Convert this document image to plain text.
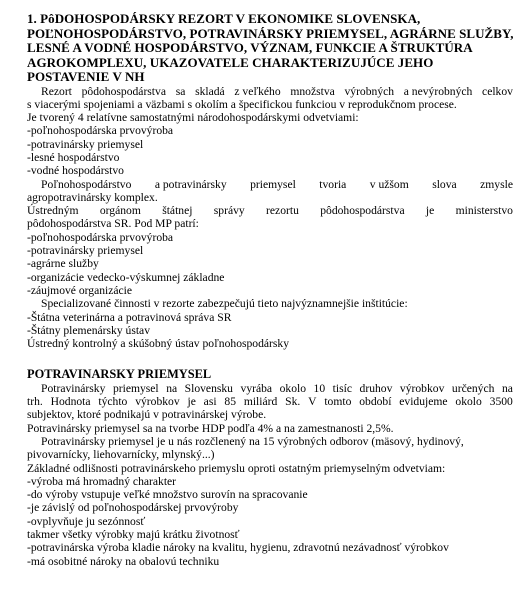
1. PôDOHOSPODÁRSKY REZORT V EKONOMIKE SLOVENSKA,
POĽNOHOSPODÁRSTVO, POTRAVINÁRSKY PRIEMYSEL, AGRÁRNE SLUŽBY,
LESNÉ A VODNÉ HOSPODÁRSTVO, VÝZNAM, FUNKCIE A ŠTRUKTÚRA
AGROKOMPLEXU, UKAZOVATELE CHARAKTERIZUJÚCE JEHO
POSTAVENIE V NH
Rezort pôdohospodárstva sa skladá z veľkého množstva výrobných a nevýrobných celkov
s viacerými spojeniami a väzbami s okolím a špecifickou funkciou v reprodukčnom procese.
Je tvorený 4 relatívne samostatnými národohospodárskymi odvetviami:
-poľnohospodárska prvovýroba
-potravinársky priemysel
-lesné hospodárstvo
-vodné hospodárstvo
Poľnohospodárstvo a potravinársky priemysel tvoria v užšom slova zmysle
agropotravinársky komplex.
Ústredným orgánom štátnej správy rezortu pôdohospodárstva je ministerstvo
pôdohospodárstva SR. Pod MP patrí:
-poľnohospodárska prvovýroba
-potravinársky priemysel
-agrárne služby
-organizácie vedecko-výskumnej základne
-záujmové organizácie
Specializované činnosti v rezorte zabezpečujú tieto najvýznamnejšie inštitúcie:
-Štátna veterinárna a potravinová správa SR
-Štátny plemenársky ústav
Ústredný kontrolný a skúšobný ústav poľnohospodársky
POTRAVINARSKY PRIEMYSEL
Potravinársky priemysel na Slovensku vyrába okolo 10 tisíc druhov výrobkov určených na
trh. Hodnota týchto výrobkov je asi 85 miliárd Sk. V tomto období evidujeme okolo 3500
subjektov, ktoré podnikajú v potravinárskej výrobe.
Potravinársky priemysel sa na tvorbe HDP podľa 4% a na zamestnanosti 2,5%.
Potravinársky priemysel je u nás rozčlenený na 15 výrobných odborov (mäsový, hydinový,
pivovarnícky, liehovarnícky, mlynský...)
Základné odlišnosti potravinárskeho priemyslu oproti ostatným priemyselným odvetviam:
-výroba má hromadný charakter
-do výroby vstupuje veľké množstvo surovín na spracovanie
-je závislý od poľnohospodárskej prvovýroby
-ovplyvňuje ju sezónnosť
takmer všetky výrobky majú krátku životnosť
-potravinárska výroba kladie nároky na kvalitu, hygienu, zdravotnú nezávadnosť výrobkov
-má osobitné nároky na obalovú techniku
